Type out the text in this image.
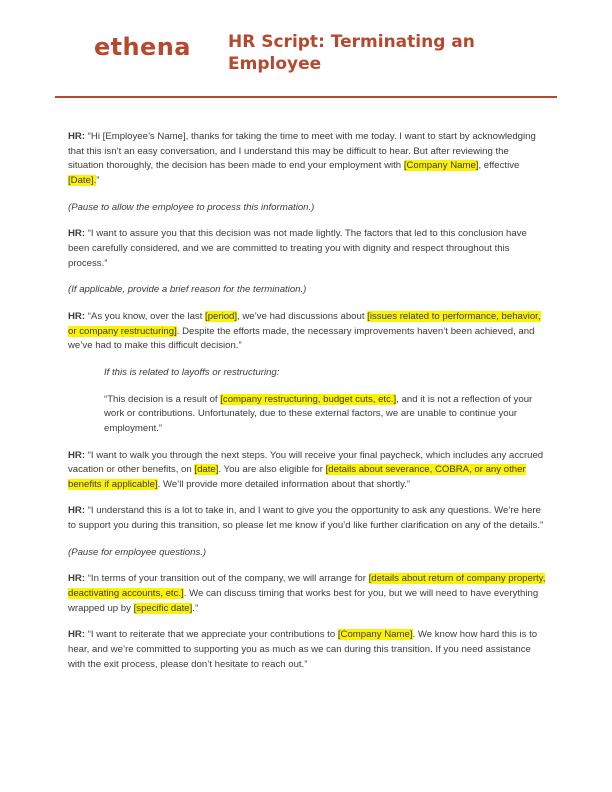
ethena HR Script: Terminating an Employee
HR: “Hi [Employee’s Name], thanks for taking the time to meet with me today. I want to start by acknowledging that this isn’t an easy conversation, and I understand this may be difficult to hear. But after reviewing the situation thoroughly, the decision has been made to end your employment with [Company Name], effective [Date].”
(Pause to allow the employee to process this information.)
HR: “I want to assure you that this decision was not made lightly. The factors that led to this conclusion have been carefully considered, and we are committed to treating you with dignity and respect throughout this process.”
(If applicable, provide a brief reason for the termination.)
HR: “As you know, over the last [period], we’ve had discussions about [issues related to performance, behavior, or company restructuring]. Despite the efforts made, the necessary improvements haven’t been achieved, and we’ve had to make this difficult decision.”
If this is related to layoffs or restructuring:
“This decision is a result of [company restructuring, budget cuts, etc.], and it is not a reflection of your work or contributions. Unfortunately, due to these external factors, we are unable to continue your employment.”
HR: “I want to walk you through the next steps. You will receive your final paycheck, which includes any accrued vacation or other benefits, on [date]. You are also eligible for [details about severance, COBRA, or any other benefits if applicable]. We’ll provide more detailed information about that shortly.”
HR: “I understand this is a lot to take in, and I want to give you the opportunity to ask any questions. We’re here to support you during this transition, so please let me know if you’d like further clarification on any of the details.”
(Pause for employee questions.)
HR: “In terms of your transition out of the company, we will arrange for [details about return of company property, deactivating accounts, etc.]. We can discuss timing that works best for you, but we will need to have everything wrapped up by [specific date].”
HR: “I want to reiterate that we appreciate your contributions to [Company Name]. We know how hard this is to hear, and we’re committed to supporting you as much as we can during this transition. If you need assistance with the exit process, please don’t hesitate to reach out.”
